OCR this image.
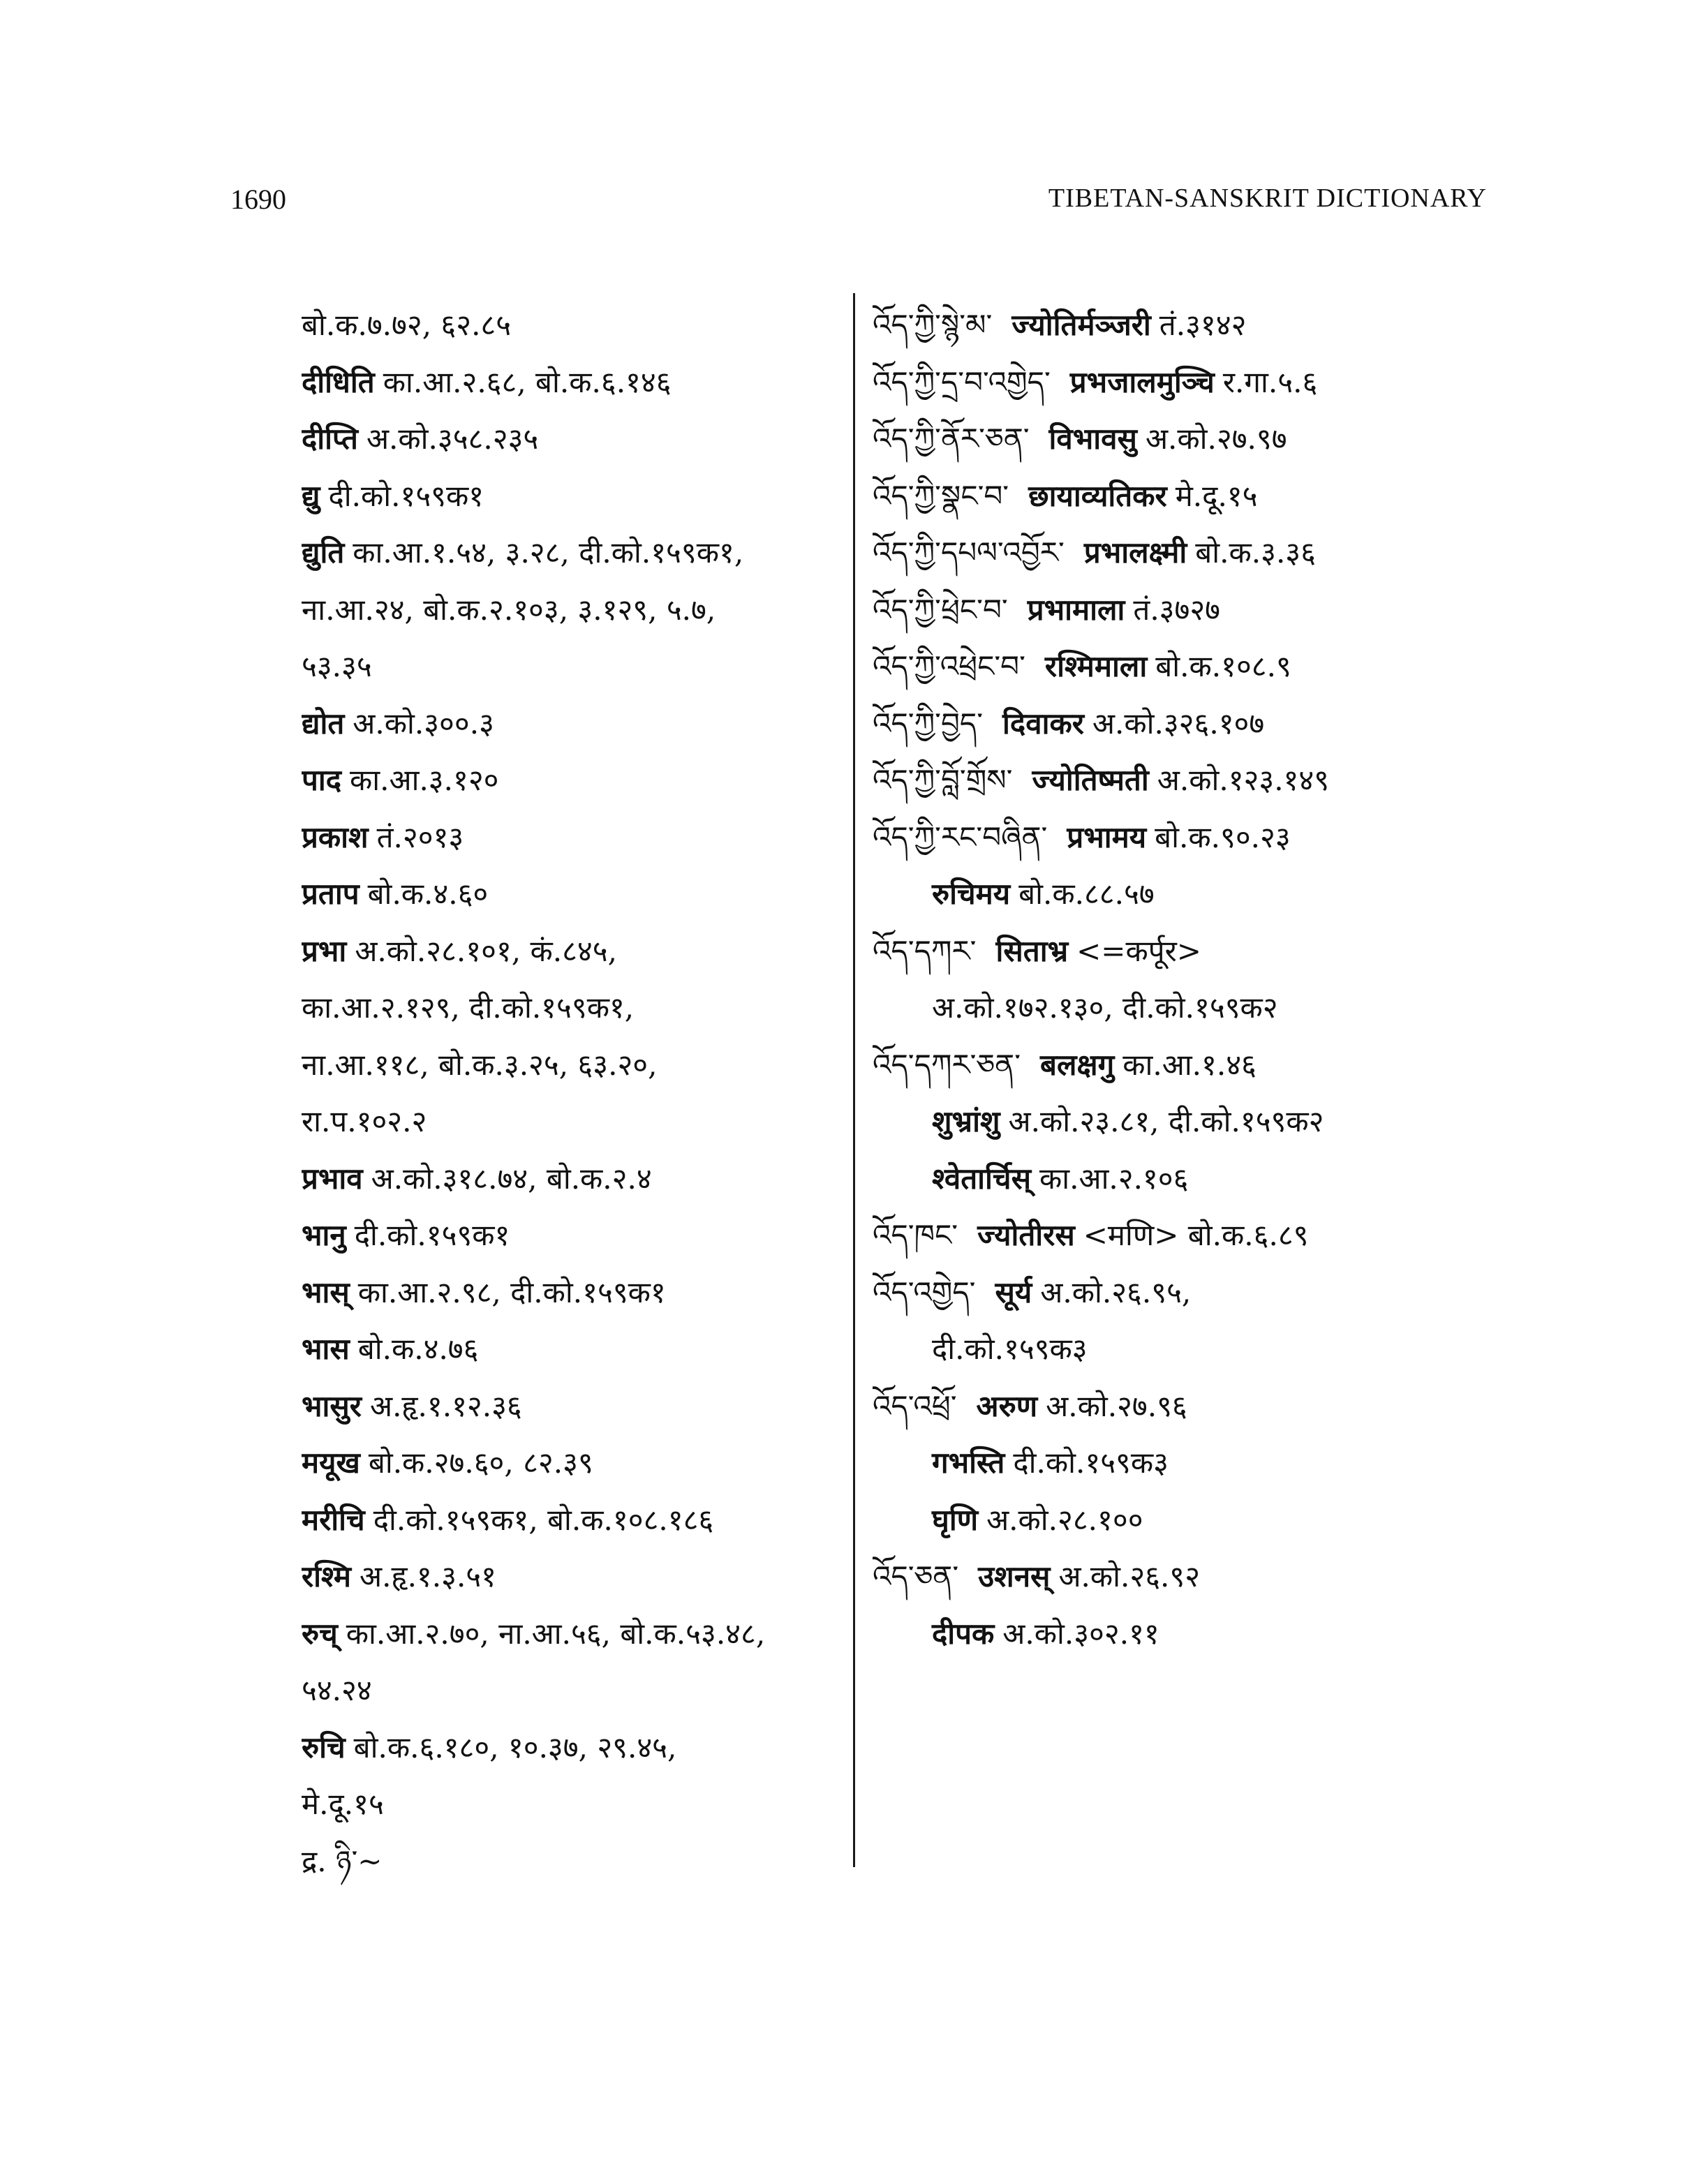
1690	TIBETAN-SANSKRIT DICTIONARY
बो.क.७.७२, ६२.८५
दीधिति का.आ.२.६८, बो.क.६.१४६
दीप्ति अ.को.३५८.२३५
द्यु दी.को.१५९क१
द्युति का.आ.१.५४, ३.२८, दी.को.१५९क१,
ना.आ.२४, बो.क.२.१०३, ३.१२९, ५.७,
५३.३५
द्योत अ.को.३००.३
पाद का.आ.३.१२०
प्रकाश तं.२०१३
प्रताप बो.क.४.६०
प्रभा अ.को.२८.१०१, कं.८४५,
का.आ.२.१२९, दी.को.१५९क१,
ना.आ.११८, बो.क.३.२५, ६३.२०,
रा.प.१०२.२
प्रभाव अ.को.३१८.७४, बो.क.२.४
भानु दी.को.१५९क१
भास् का.आ.२.९८, दी.को.१५९क१
भास बो.क.४.७६
भासुर अ.हृ.१.१२.३६
मयूख बो.क.२७.६०, ८२.३९
मरीचि दी.को.१५९क१, बो.क.१०८.१८६
रश्मि अ.हृ.१.३.५१
रुच् का.आ.२.७०, ना.आ.५६, बो.क.५३.४८,
५४.२४
रुचि बो.क.६.१८०, १०.३७, २९.४५,
मे.दू.१५
द्र. ཉི་~
འོད་ཀྱི་སྙེ་མ་ ज्योतिर्मञ्जरी तं.३१४२
འོད་ཀྱི་དྲ་བ་འགྱེད་ प्रभजालमुञ्चि र.गा.५.६
འོད་ཀྱི་ནོར་ཅན་ विभावसु अ.को.२७.९७
འོད་ཀྱི་སྣང་བ་ छायाव्यतिकर मे.दू.१५
འོད་ཀྱི་དཔལ་འབྱོར་ प्रभालक्ष्मी बो.क.३.३६
འོད་ཀྱི་ཕྲེང་བ་ प्रभामाला तं.३७२७
འོད་ཀྱི་འཕྲེང་བ་ रश्मिमाला बो.क.१०८.९
འོད་ཀྱི་བྱེད་ दिवाकर अ.को.३२६.१०७
འོད་ཀྱི་བློ་གྲོས་ ज्योतिष्मती अ.को.१२३.१४९
འོད་ཀྱི་རང་བཞིན་ प्रभामय बो.क.९०.२३
रुचिमय बो.क.८८.५७
འོད་དཀར་ सिताभ्र <=कर्पूर>
अ.को.१७२.१३०, दी.को.१५९क२
འོད་དཀར་ཅན་ बलक्षगु का.आ.१.४६
शुभ्रांशु अ.को.२३.८१, दी.को.१५९क२
श्वेतार्चिस् का.आ.२.१०६
འོད་ཁང་ ज्योतीरस <मणि> बो.क.६.८९
འོད་འགྱེད་ सूर्य अ.को.२६.९५,
दी.को.१५९क३
འོད་འཕྲོ་ अरुण अ.को.२७.९६
गभस्ति दी.को.१५९क३
घृणि अ.को.२८.१००
འོད་ཅན་ उशनस् अ.को.२६.९२
दीपक अ.को.३०२.११
